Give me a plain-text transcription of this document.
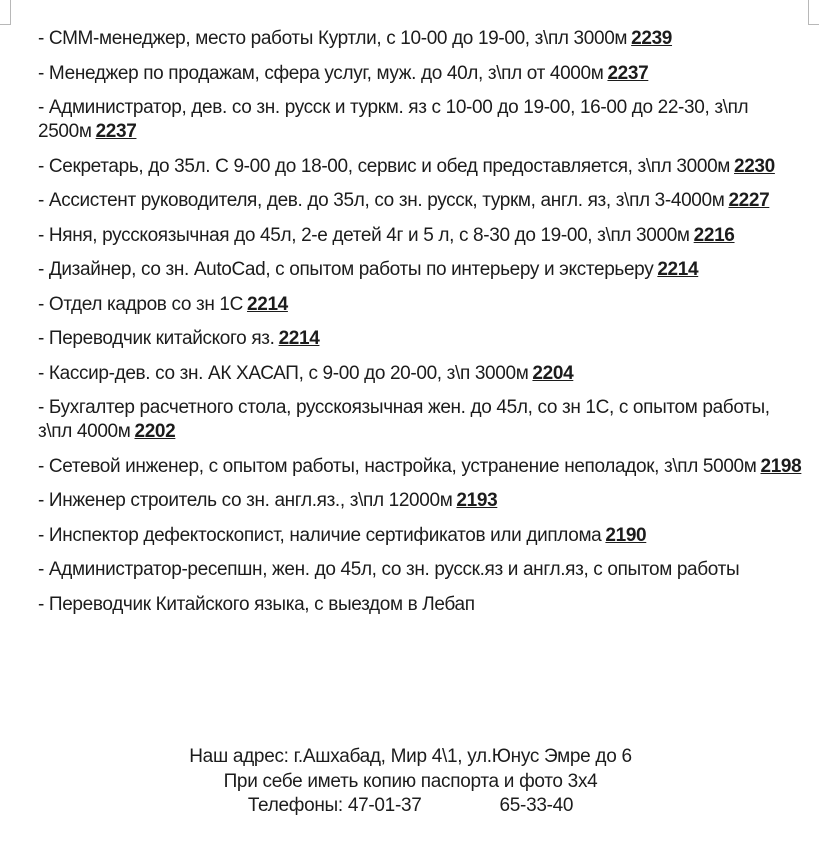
- СММ-менеджер, место работы Куртли, с 10-00 до 19-00, з\пл 3000м 2239
- Менеджер по продажам, сфера услуг, муж. до 40л, з\пл от 4000м 2237
- Администратор, дев. со зн. русск и туркм. яз с 10-00 до 19-00, 16-00 до 22-30, з\пл 2500м 2237
- Секретарь, до 35л. С 9-00 до 18-00, сервис и обед предоставляется, з\пл 3000м 2230
- Ассистент руководителя, дев. до 35л, со зн. русск, туркм, англ. яз, з\пл 3-4000м 2227
- Няня, русскоязычная до 45л, 2-е детей 4г и 5 л, с 8-30 до 19-00, з\пл 3000м 2216
- Дизайнер, со зн. AutoCad, с опытом работы по интерьеру и экстерьеру 2214
- Отдел кадров со зн 1С 2214
- Переводчик китайского яз. 2214
- Кассир-дев. со зн. АК ХАСАП, с 9-00 до 20-00, з\п 3000м 2204
- Бухгалтер расчетного стола, русскоязычная жен. до 45л, со зн 1С, с опытом работы, з\пл 4000м 2202
- Сетевой инженер, с опытом работы, настройка, устранение неполадок, з\пл 5000м 2198
- Инженер строитель со зн. англ.яз., з\пл 12000м 2193
- Инспектор дефектоскопист, наличие сертификатов или диплома 2190
- Администратор-ресепшн, жен. до 45л, со зн. русск.яз и англ.яз, с опытом работы
- Переводчик Китайского языка, с выездом в Лебап
Наш адрес: г.Ашхабад, Мир 4\1, ул.Юнус Эмре до 6
При себе иметь копию паспорта и фото 3х4
Телефоны: 47-01-37	65-33-40
